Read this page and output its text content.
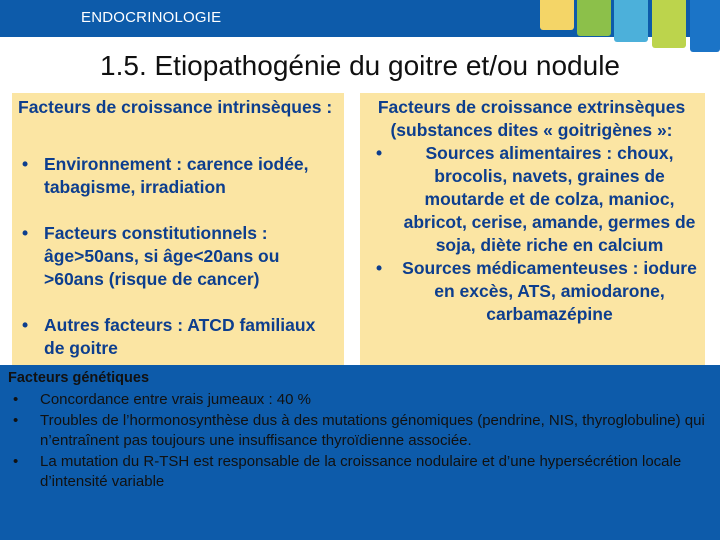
ENDOCRINOLOGIE
1.5. Etiopathogénie du goitre et/ou nodule

Facteurs de croissance intrinsèques :

• Environnement : carence iodée, tabagisme, irradiation
• Facteurs constitutionnels : âge>50ans, si âge<20ans ou >60ans (risque de cancer)
• Autres facteurs : ATCD familiaux de goitre

Facteurs de croissance extrinsèques (substances dites « goitrigènes »:

• Sources alimentaires : choux, brocolis, navets, graines de moutarde et de colza, manioc, abricot, cerise, amande, germes de soja, diète riche en calcium
• Sources médicamenteuses : iodure en excès, ATS, amiodarone, carbamazépine

Facteurs génétiques

• Concordance entre vrais jumeaux : 40 %
• Troubles de l’hormonosynthèse dus à des mutations génomiques (pendrine, NIS, thyroglobuline) qui n’entraînent pas toujours une insuffisance thyroïdienne associée.
• La mutation du R-TSH est responsable de la croissance nodulaire et d’une hypersécrétion locale d’intensité variable
